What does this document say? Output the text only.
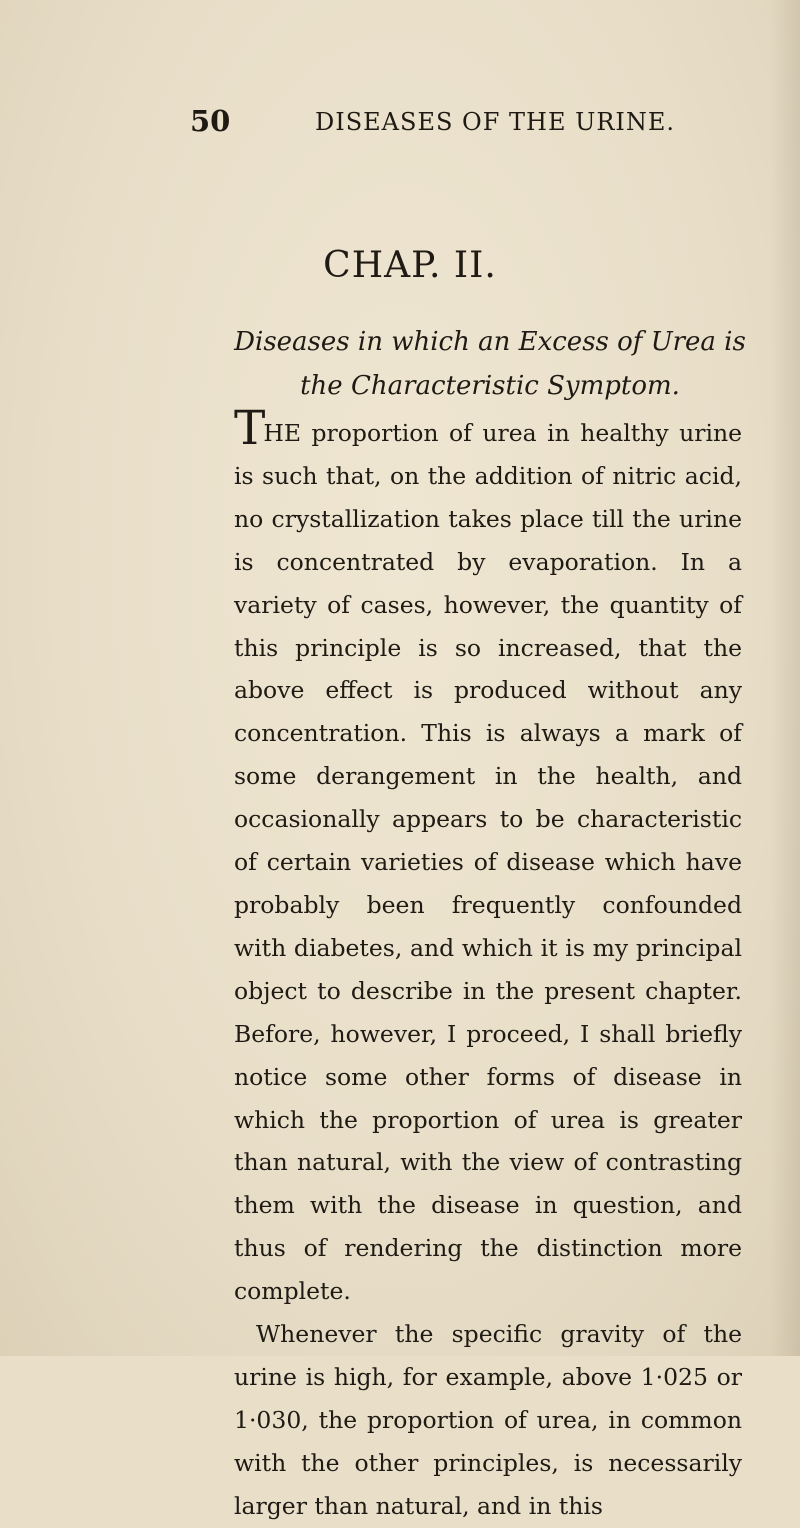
50	DISEASES OF THE URINE.
CHAP. II.

Diseases in which an Excess of Urea is the Characteristic Symptom.

THE proportion of urea in healthy urine is such that, on the addition of nitric acid, no crystallization takes place till the urine is concentrated by evaporation. In a variety of cases, however, the quantity of this principle is so increased, that the above effect is produced without any concentration. This is always a mark of some derangement in the health, and occasionally appears to be characteristic of certain varieties of disease which have probably been frequently confounded with diabetes, and which it is my principal object to describe in the present chapter. Before, however, I proceed, I shall briefly notice some other forms of disease in which the proportion of urea is greater than natural, with the view of contrasting them with the disease in question, and thus of rendering the distinction more complete.

Whenever the specific gravity of the urine is high, for example, above 1·025 or 1·030, the proportion of urea, in common with the other principles, is necessarily larger than natural, and in this
